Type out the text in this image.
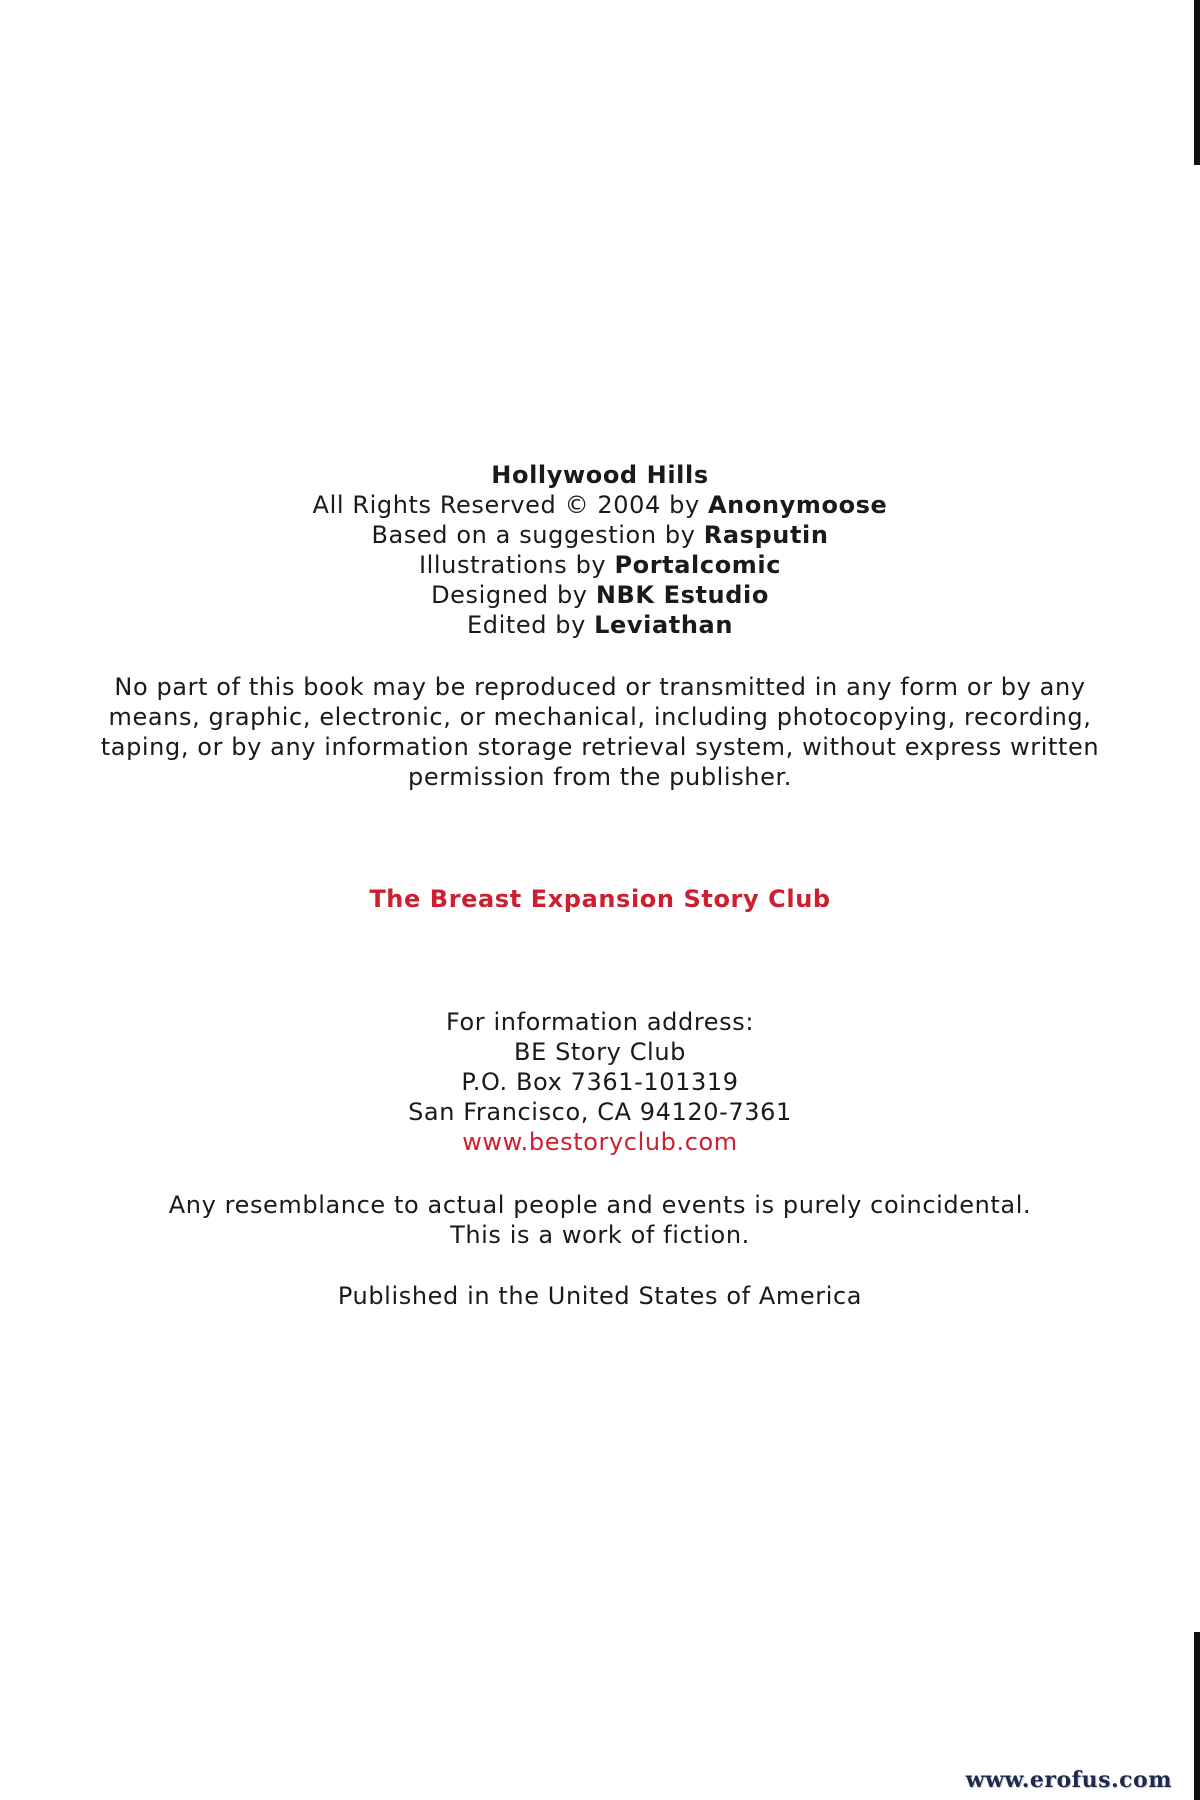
Hollywood Hills
All Rights Reserved © 2004 by Anonymoose
Based on a suggestion by Rasputin
Illustrations by Portalcomic
Designed by NBK Estudio
Edited by Leviathan
No part of this book may be reproduced or transmitted in any form or by any
means, graphic, electronic, or mechanical, including photocopying, recording,
taping, or by any information storage retrieval system, without express written
permission from the publisher.
The Breast Expansion Story Club
For information address:
BE Story Club
P.O. Box 7361-101319
San Francisco, CA 94120-7361
www.bestoryclub.com
Any resemblance to actual people and events is purely coincidental.
This is a work of fiction.
Published in the United States of America
www.erofus.com
